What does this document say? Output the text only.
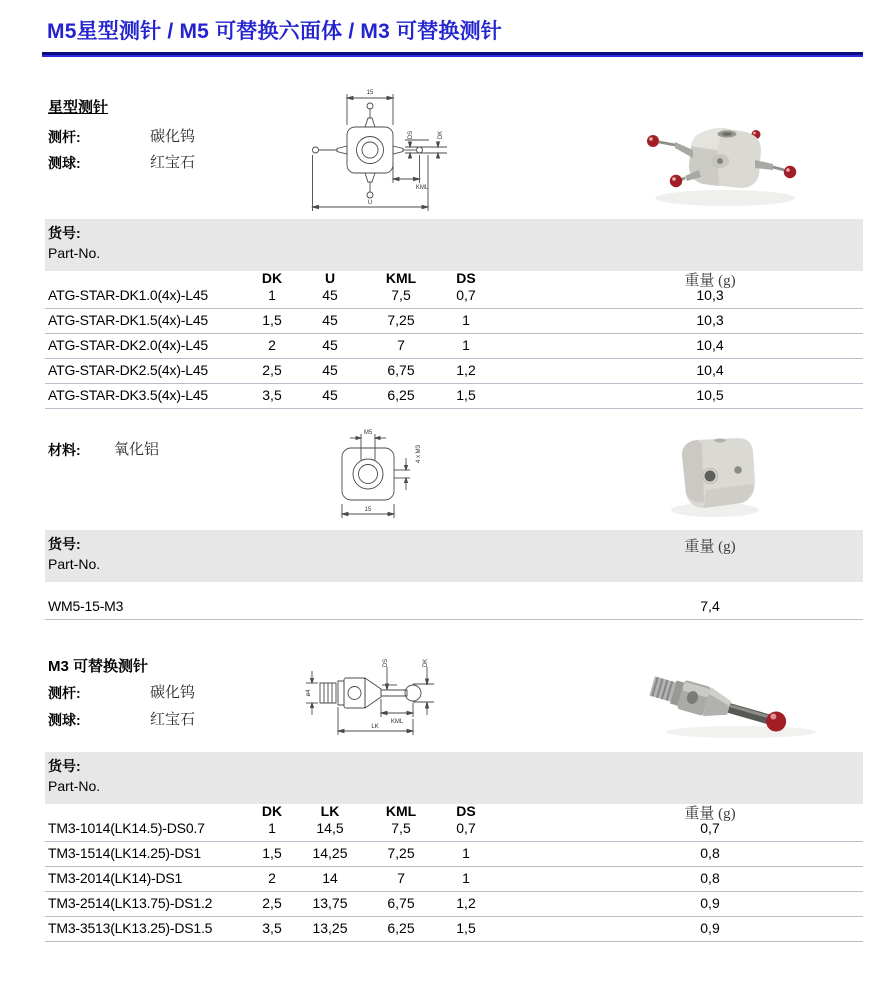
M5星型测针 / M5 可替换六面体 / M3 可替换测针
星型测针
测杆:	碳化钨
测球:	红宝石
15
DS	DK
KML
U
货号:
Part-No.
DK	U	KML	DS	重量 (g)
ATG-STAR-DK1.0(4x)-L45	1	45	7,5	0,7	10,3
ATG-STAR-DK1.5(4x)-L45	1,5	45	7,25	1	10,3
ATG-STAR-DK2.0(4x)-L45	2	45	7	1	10,4
ATG-STAR-DK2.5(4x)-L45	2,5	45	6,75	1,2	10,4
ATG-STAR-DK3.5(4x)-L45	3,5	45	6,25	1,5	10,5
材料: 氧化铝
M5
4 x M3
15
货号:
Part-No.
重量 (g)
WM5-15-M3	7,4
M3 可替换测针
测杆:	碳化钨
测球:	红宝石
ø4
DS	DK
KML
LK
货号:
Part-No.
DK	LK	KML	DS	重量 (g)
TM3-1014(LK14.5)-DS0.7	1	14,5	7,5	0,7	0,7
TM3-1514(LK14.25)-DS1	1,5	14,25	7,25	1	0,8
TM3-2014(LK14)-DS1	2	14	7	1	0,8
TM3-2514(LK13.75)-DS1.2	2,5	13,75	6,75	1,2	0,9
TM3-3513(LK13.25)-DS1.5	3,5	13,25	6,25	1,5	0,9
